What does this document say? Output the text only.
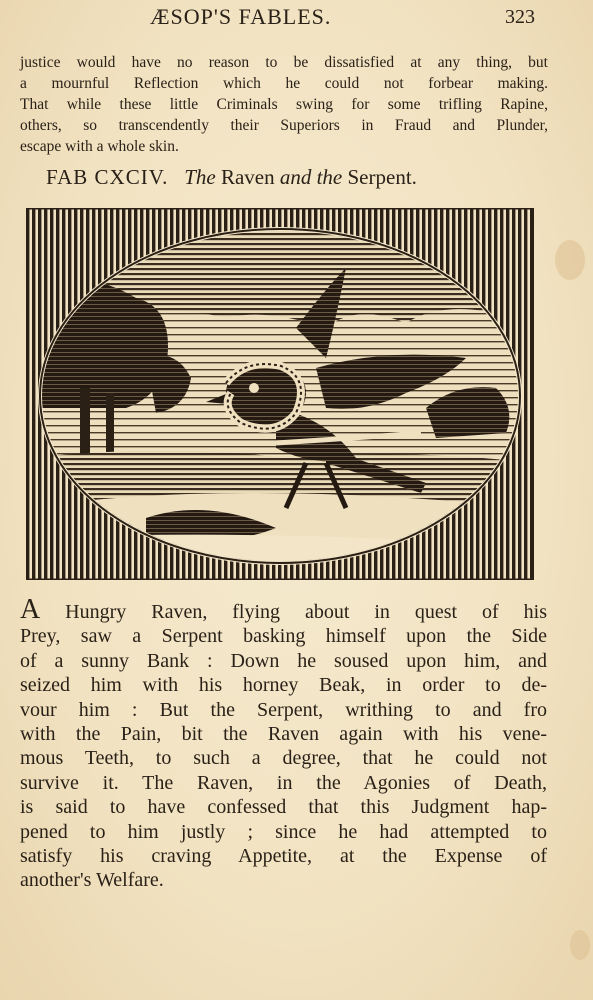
ÆSOP'S FABLES.	323
justice would have no reason to be dissatisfied at any thing, but
a mournful Reflection which he could not forbear making.
That while these little Criminals swing for some trifling Rapine,
others, so transcendently their Superiors in Fraud and Plunder,
escape with a whole skin.
FAB CXCIV. The Raven and the Serpent.
A Hungry Raven, flying about in quest of his
Prey, saw a Serpent basking himself upon the Side
of a sunny Bank : Down he soused upon him, and
seized him with his horney Beak, in order to de-
vour him : But the Serpent, writhing to and fro
with the Pain, bit the Raven again with his vene-
mous Teeth, to such a degree, that he could not
survive it. The Raven, in the Agonies of Death,
is said to have confessed that this Judgment hap-
pened to him justly ; since he had attempted to
satisfy his craving Appetite, at the Expense of
another's Welfare.
